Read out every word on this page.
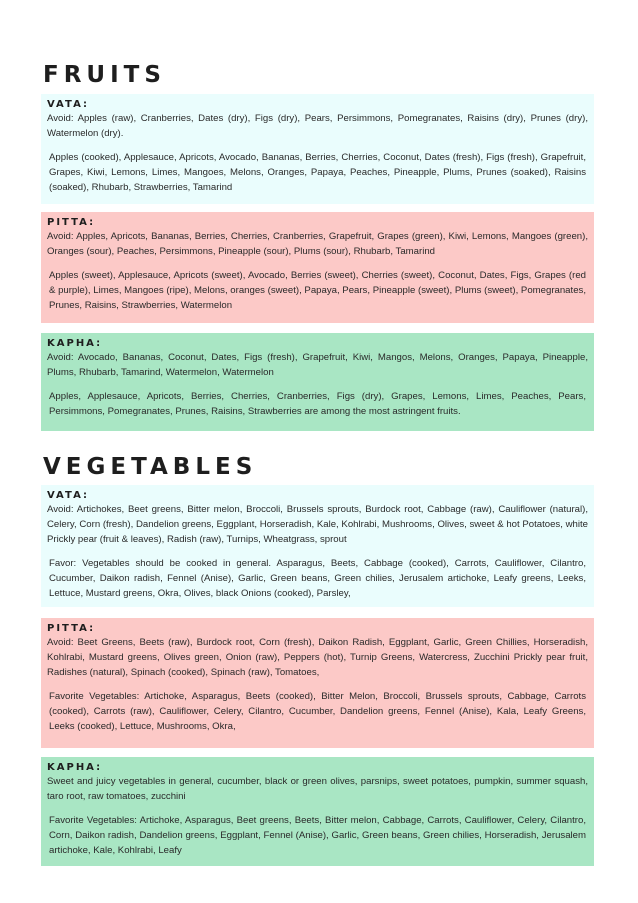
FRUITS
VATA:
Avoid: Apples (raw), Cranberries, Dates (dry), Figs (dry), Pears, Persimmons, Pomegranates, Raisins (dry), Prunes (dry), Watermelon (dry).
Apples (cooked), Applesauce, Apricots, Avocado, Bananas, Berries, Cherries, Coconut, Dates (fresh), Figs (fresh), Grapefruit, Grapes, Kiwi, Lemons, Limes, Mangoes, Melons, Oranges, Papaya, Peaches, Pineapple, Plums, Prunes (soaked), Raisins (soaked), Rhubarb, Strawberries, Tamarind
PITTA:
Avoid: Apples, Apricots, Bananas, Berries, Cherries, Cranberries, Grapefruit, Grapes (green), Kiwi, Lemons, Mangoes (green), Oranges (sour), Peaches, Persimmons, Pineapple (sour), Plums (sour), Rhubarb, Tamarind
Apples (sweet), Applesauce, Apricots (sweet), Avocado, Berries (sweet), Cherries (sweet), Coconut, Dates, Figs, Grapes (red & purple), Limes, Mangoes (ripe), Melons, oranges (sweet), Papaya, Pears, Pineapple (sweet), Plums (sweet), Pomegranates, Prunes, Raisins, Strawberries, Watermelon
KAPHA:
Avoid: Avocado, Bananas, Coconut, Dates, Figs (fresh), Grapefruit, Kiwi, Mangos, Melons, Oranges, Papaya, Pineapple, Plums, Rhubarb, Tamarind, Watermelon, Watermelon
Apples, Applesauce, Apricots, Berries, Cherries, Cranberries, Figs (dry), Grapes, Lemons, Limes, Peaches, Pears, Persimmons, Pomegranates, Prunes, Raisins, Strawberries are among the most astringent fruits.
VEGETABLES
VATA:
Avoid: Artichokes, Beet greens, Bitter melon, Broccoli, Brussels sprouts, Burdock root, Cabbage (raw), Cauliflower (natural), Celery, Corn (fresh), Dandelion greens, Eggplant, Horseradish, Kale, Kohlrabi, Mushrooms, Olives, sweet & hot Potatoes, white Prickly pear (fruit & leaves), Radish (raw), Turnips, Wheatgrass, sprout
Favor: Vegetables should be cooked in general. Asparagus, Beets, Cabbage (cooked), Carrots, Cauliflower, Cilantro, Cucumber, Daikon radish, Fennel (Anise), Garlic, Green beans, Green chilies, Jerusalem artichoke, Leafy greens, Leeks, Lettuce, Mustard greens, Okra, Olives, black Onions (cooked), Parsley,
PITTA:
Avoid: Beet Greens, Beets (raw), Burdock root, Corn (fresh), Daikon Radish, Eggplant, Garlic, Green Chillies, Horseradish, Kohlrabi, Mustard greens, Olives green, Onion (raw), Peppers (hot), Turnip Greens, Watercress, Zucchini Prickly pear fruit, Radishes (natural), Spinach (cooked), Spinach (raw), Tomatoes,
Favorite Vegetables: Artichoke, Asparagus, Beets (cooked), Bitter Melon, Broccoli, Brussels sprouts, Cabbage, Carrots (cooked), Carrots (raw), Cauliflower, Celery, Cilantro, Cucumber, Dandelion greens, Fennel (Anise), Kala, Leafy Greens, Leeks (cooked), Lettuce, Mushrooms, Okra,
KAPHA:
Sweet and juicy vegetables in general, cucumber, black or green olives, parsnips, sweet potatoes, pumpkin, summer squash, taro root, raw tomatoes, zucchini
Favorite Vegetables: Artichoke, Asparagus, Beet greens, Beets, Bitter melon, Cabbage, Carrots, Cauliflower, Celery, Cilantro, Corn, Daikon radish, Dandelion greens, Eggplant, Fennel (Anise), Garlic, Green beans, Green chilies, Horseradish, Jerusalem artichoke, Kale, Kohlrabi, Leafy
